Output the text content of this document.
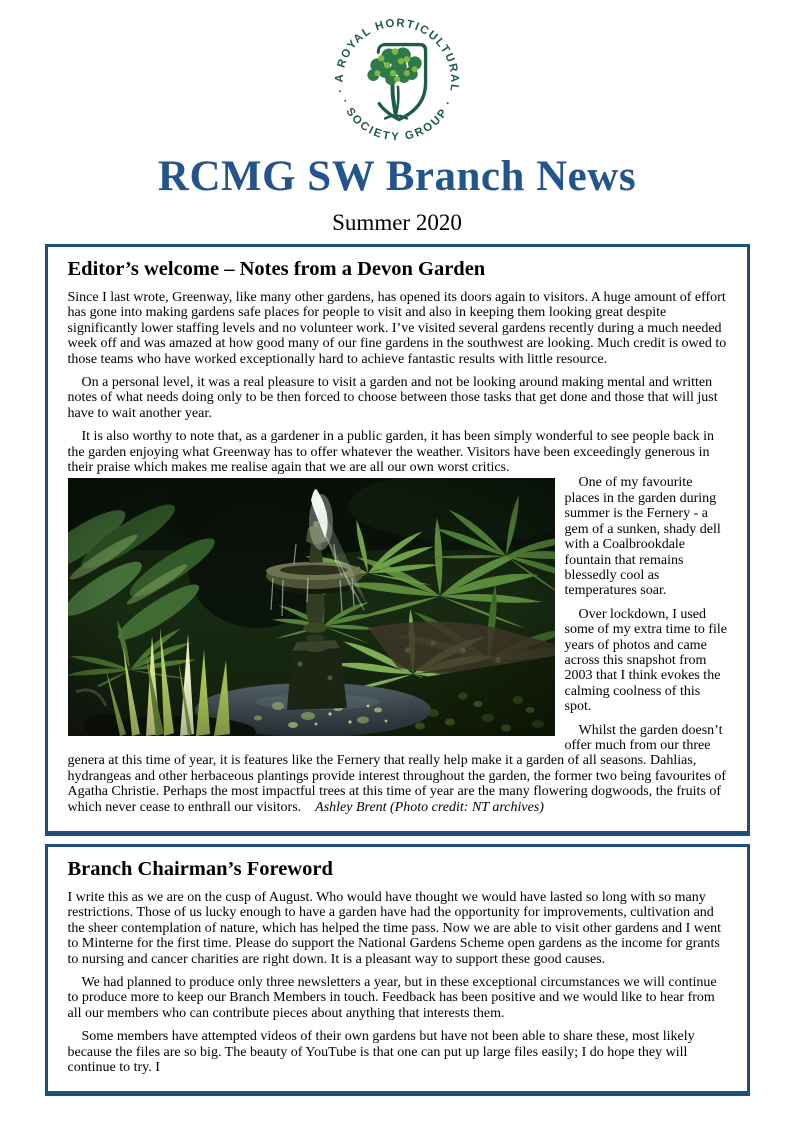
· A ROYAL HORTICULTURAL
· SOCIETY GROUP ·
RCMG SW Branch News
Summer 2020
Editor’s welcome – Notes from a Devon Garden

Since I last wrote, Greenway, like many other gardens, has opened its doors again to visitors. A huge amount of effort has gone into making gardens safe places for people to visit and also in keeping them looking great despite significantly lower staffing levels and no volunteer work. I’ve visited several gardens recently during a much needed week off and was amazed at how good many of our fine gardens in the southwest are looking. Much credit is owed to those teams who have worked exceptionally hard to achieve fantastic results with little resource.

On a personal level, it was a real pleasure to visit a garden and not be looking around making mental and written notes of what needs doing only to be then forced to choose between those tasks that get done and those that will just have to wait another year.

It is also worthy to note that, as a gardener in a public garden, it has been simply wonderful to see people back in the garden enjoying what Greenway has to offer whatever the weather. Visitors have been exceedingly generous in their praise which makes me realise again that we are all our own worst critics.

One of my favourite places in the garden during summer is the Fernery - a gem of a sunken, shady dell with a Coalbrookdale fountain that remains blessedly cool as temperatures soar.

Over lockdown, I used some of my extra time to file years of photos and came across this snapshot from 2003 that I think evokes the calming coolness of this spot.

Whilst the garden doesn’t offer much from our three genera at this time of year, it is features like the Fernery that really help make it a garden of all seasons. Dahlias, hydrangeas and other herbaceous plantings provide interest throughout the garden, the former two being favourites of Agatha Christie. Perhaps the most impactful trees at this time of year are the many flowering dogwoods, the fruits of which never cease to enthrall our visitors. Ashley Brent (Photo credit: NT archives)

Branch Chairman’s Foreword

I write this as we are on the cusp of August. Who would have thought we would have lasted so long with so many restrictions. Those of us lucky enough to have a garden have had the opportunity for improvements, cultivation and the sheer contemplation of nature, which has helped the time pass. Now we are able to visit other gardens and I went to Minterne for the first time. Please do support the National Gardens Scheme open gardens as the income for grants to nursing and cancer charities are right down. It is a pleasant way to support these good causes.

We had planned to produce only three newsletters a year, but in these exceptional circumstances we will continue to produce more to keep our Branch Members in touch. Feedback has been positive and we would like to hear from all our members who can contribute pieces about anything that interests them.

Some members have attempted videos of their own gardens but have not been able to share these, most likely because the files are so big. The beauty of YouTube is that one can put up large files easily; I do hope they will continue to try. I
